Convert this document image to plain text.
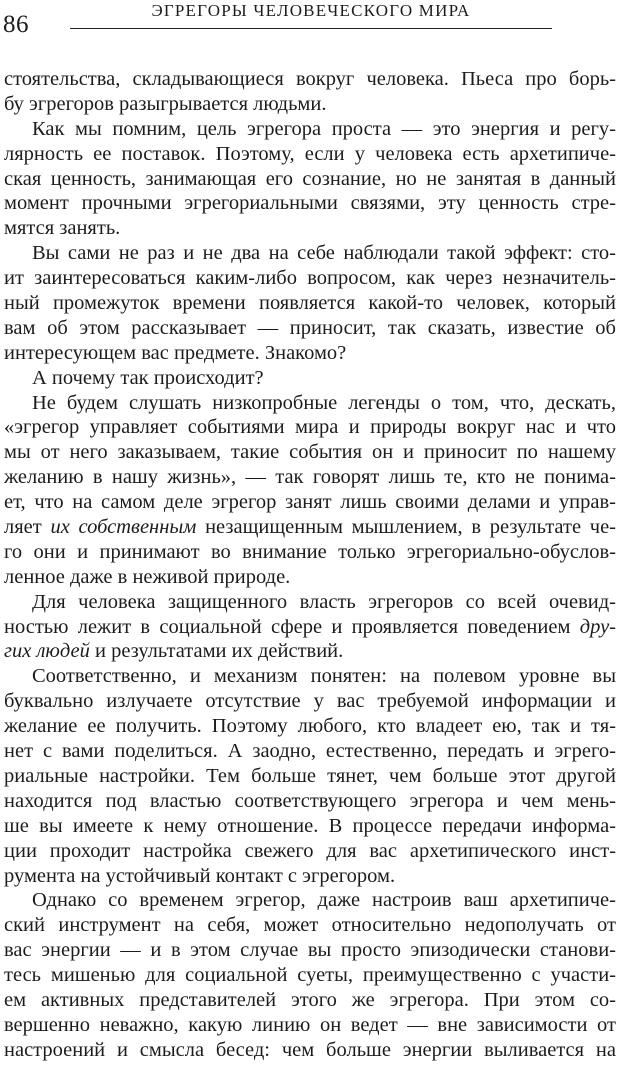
86
ЭГРЕГОРЫ ЧЕЛОВЕЧЕСКОГО МИРА
стоятельства, складывающиеся вокруг человека. Пьеса про борь-
бу эгрегоров разыгрывается людьми.
Как мы помним, цель эгрегора проста — это энергия и регу-
лярность ее поставок. Поэтому, если у человека есть архетипиче-
ская ценность, занимающая его сознание, но не занятая в данный
момент прочными эгрегориальными связями, эту ценность стре-
мятся занять.
Вы сами не раз и не два на себе наблюдали такой эффект: сто-
ит заинтересоваться каким-либо вопросом, как через незначитель-
ный промежуток времени появляется какой-то человек, который
вам об этом рассказывает — приносит, так сказать, известие об
интересующем вас предмете. Знакомо?
А почему так происходит?
Не будем слушать низкопробные легенды о том, что, дескать,
«эгрегор управляет событиями мира и природы вокруг нас и что
мы от него заказываем, такие события он и приносит по нашему
желанию в нашу жизнь», — так говорят лишь те, кто не понима-
ет, что на самом деле эгрегор занят лишь своими делами и управ-
ляет их собственным незащищенным мышлением, в результате че-
го они и принимают во внимание только эгрегориально-обуслов-
ленное даже в неживой природе.
Для человека защищенного власть эгрегоров со всей очевид-
ностью лежит в социальной сфере и проявляется поведением дру-
гих людей и результатами их действий.
Соответственно, и механизм понятен: на полевом уровне вы
буквально излучаете отсутствие у вас требуемой информации и
желание ее получить. Поэтому любого, кто владеет ею, так и тя-
нет с вами поделиться. А заодно, естественно, передать и эгрего-
риальные настройки. Тем больше тянет, чем больше этот другой
находится под властью соответствующего эгрегора и чем мень-
ше вы имеете к нему отношение. В процессе передачи информа-
ции проходит настройка свежего для вас архетипического инст-
румента на устойчивый контакт с эгрегором.
Однако со временем эгрегор, даже настроив ваш архетипиче-
ский инструмент на себя, может относительно недополучать от
вас энергии — и в этом случае вы просто эпизодически станови-
тесь мишенью для социальной суеты, преимущественно с участи-
ем активных представителей этого же эгрегора. При этом со-
вершенно неважно, какую линию он ведет — вне зависимости от
настроений и смысла бесед: чем больше энергии выливается на
